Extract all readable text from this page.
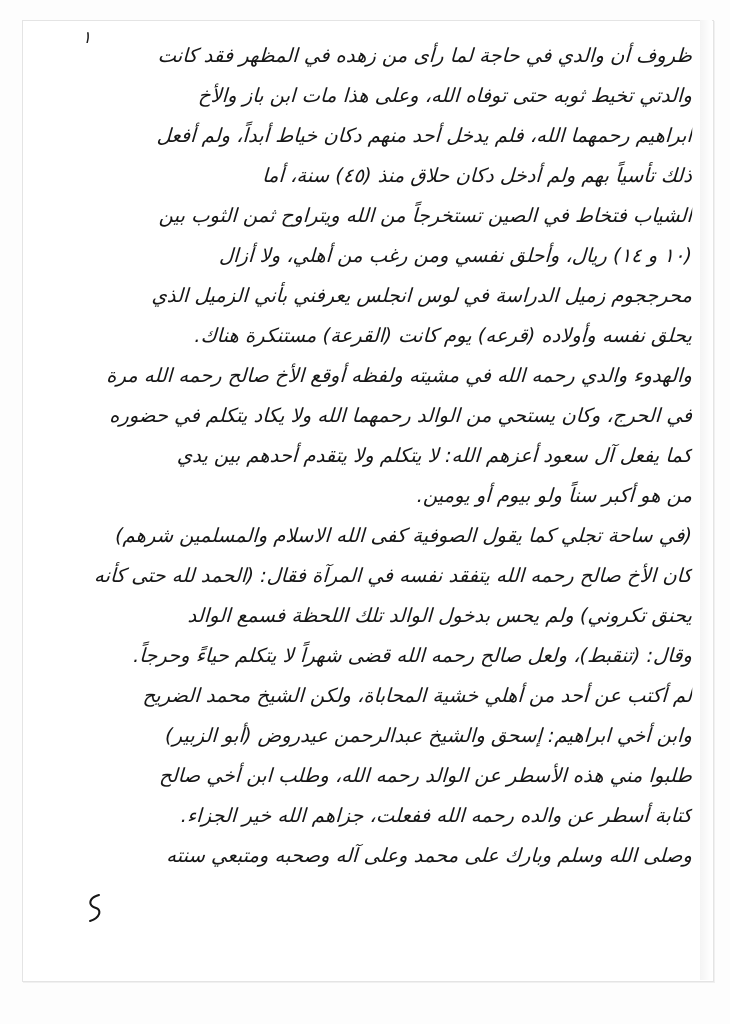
١
ظروف أن والدي في حاجة لما رأى من زهده في المظهر فقد كانت
والدتي تخيط ثوبه حتى توفاه الله، وعلى هذا مات ابن باز والأخ
ابراهيم رحمهما الله، فلم يدخل أحد منهم دكان خياط أبداً، ولم أفعل
ذلك تأسياً بهم ولم أدخل دكان حلاق منذ (٤٥) سنة، أما
الشياب فتخاط في الصين تستخرجاً من الله ويتراوح ثمن الثوب بين
(١٠ و ١٤) ريال، وأحلق نفسي ومن رغب من أهلي، ولا أزال
محرججوم زميل الدراسة في لوس انجلس يعرفني بأني الزميل الذي
يحلق نفسه وأولاده (قرعه) يوم كانت (القرعة) مستنكرة هناك.
والهدوء والدي رحمه الله في مشيته ولفظه أوقع الأخ صالح رحمه الله مرة
في الحرج، وكان يستحي من الوالد رحمهما الله ولا يكاد يتكلم في حضوره
كما يفعل آل سعود أعزهم الله: لا يتكلم ولا يتقدم أحدهم بين يدي
من هو أكبر سناً ولو بيوم أو يومين.
(في ساحة تجلي كما يقول الصوفية كفى الله الاسلام والمسلمين شرهم)
كان الأخ صالح رحمه الله يتفقد نفسه في المرآة فقال: (الحمد لله حتى كأنه
يحنق تكروني) ولم يحس بدخول الوالد تلك اللحظة فسمع الوالد
وقال: (تنقبط)، ولعل صالح رحمه الله قضى شهراً لا يتكلم حياءً وحرجاً.
لم أكتب عن أحد من أهلي خشية المحاباة، ولكن الشيخ محمد الضريح
وابن أخي ابراهيم: إسحق والشيخ عبدالرحمن عيدروض (أبو الزبير)
طلبوا مني هذه الأسطر عن الوالد رحمه الله، وطلب ابن أخي صالح
كتابة أسطر عن والده رحمه الله ففعلت، جزاهم الله خير الجزاء.
وصلى الله وسلم وبارك على محمد وعلى آله وصحبه ومتبعي سنته
